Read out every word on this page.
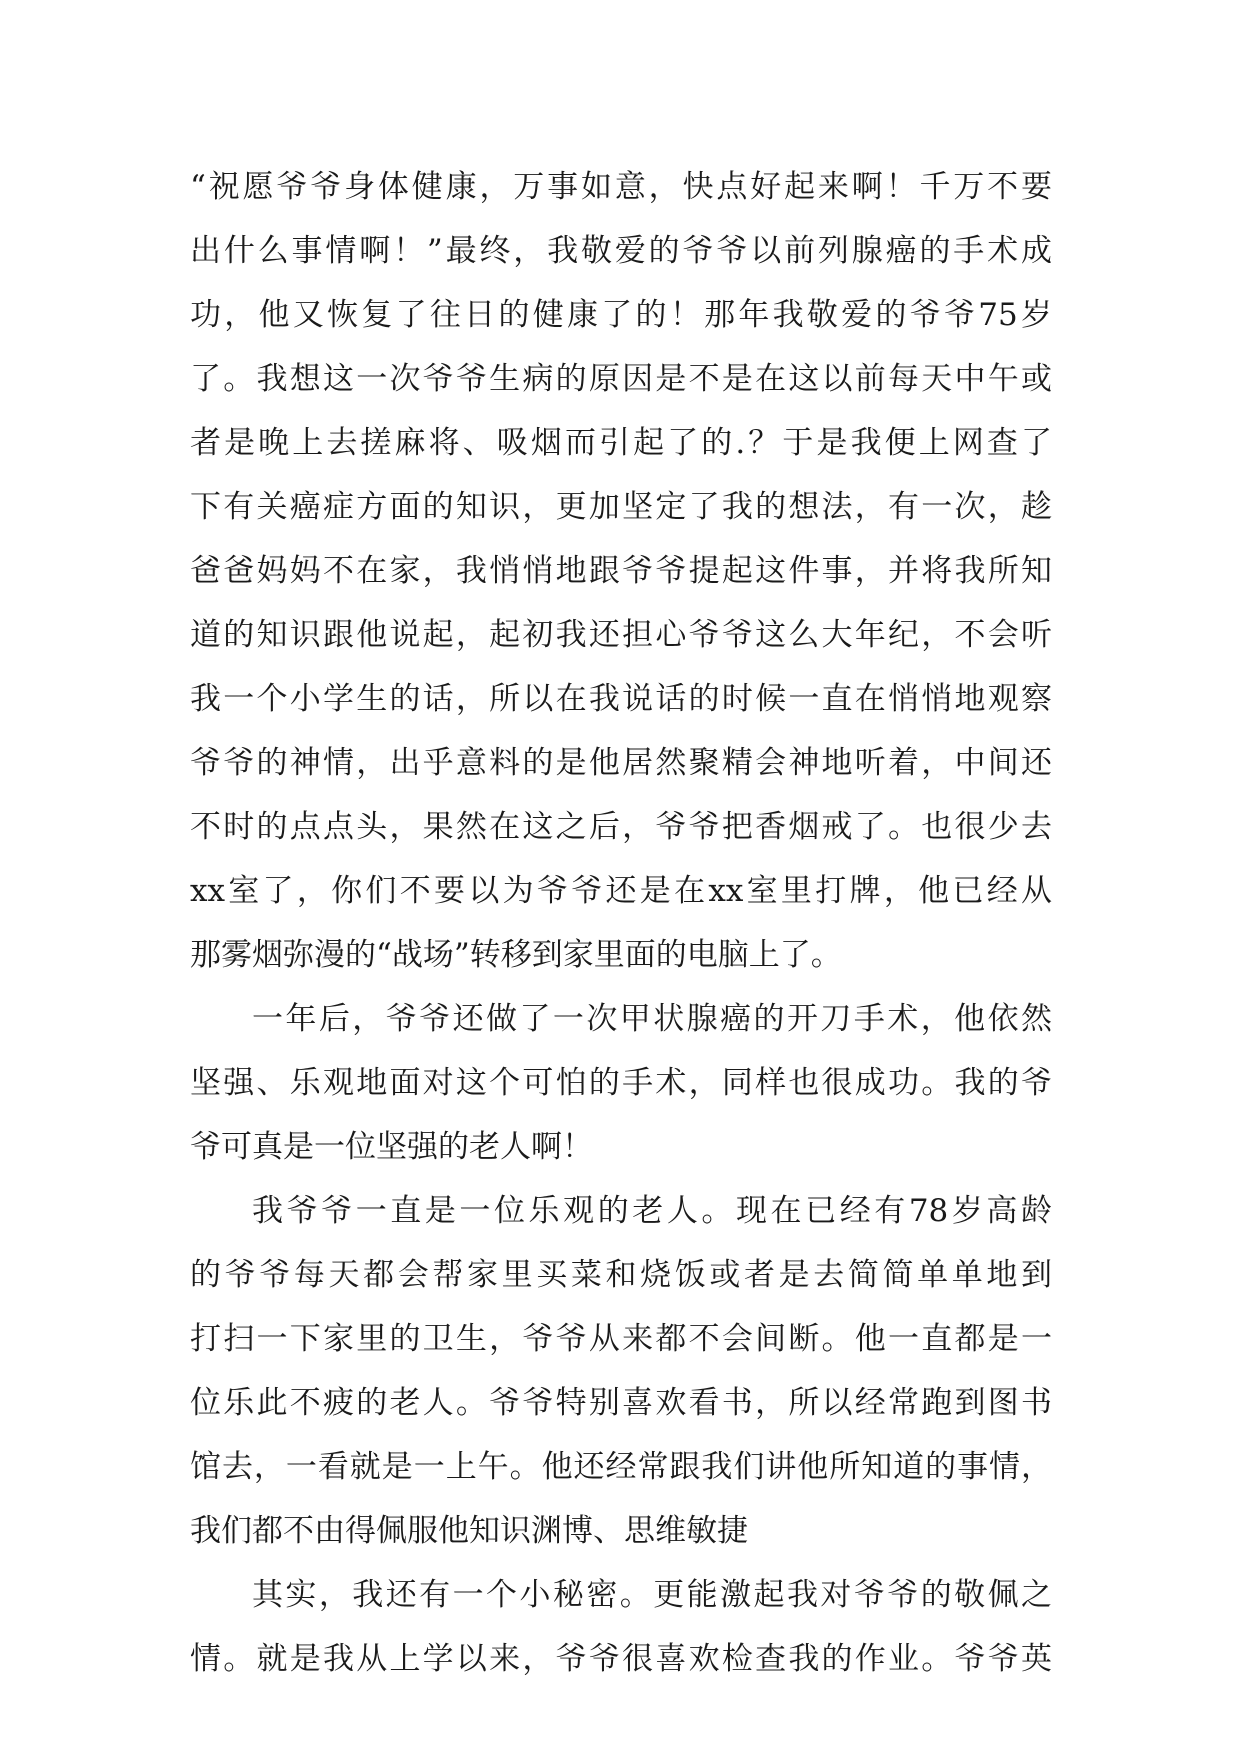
“祝愿爷爷身体健康，万事如意，快点好起来啊！千万不要
出什么事情啊！”最终，我敬爱的爷爷以前列腺癌的手术成
功，他又恢复了往日的健康了的！那年我敬爱的爷爷75岁
了。我想这一次爷爷生病的原因是不是在这以前每天中午或
者是晚上去搓麻将、吸烟而引起了的.？于是我便上网查了
下有关癌症方面的知识，更加坚定了我的想法，有一次，趁
爸爸妈妈不在家，我悄悄地跟爷爷提起这件事，并将我所知
道的知识跟他说起，起初我还担心爷爷这么大年纪，不会听
我一个小学生的话，所以在我说话的时候一直在悄悄地观察
爷爷的神情，出乎意料的是他居然聚精会神地听着，中间还
不时的点点头，果然在这之后，爷爷把香烟戒了。也很少去
xx室了，你们不要以为爷爷还是在xx室里打牌，他已经从
那雾烟弥漫的“战场”转移到家里面的电脑上了。
一年后，爷爷还做了一次甲状腺癌的开刀手术，他依然
坚强、乐观地面对这个可怕的手术，同样也很成功。我的爷
爷可真是一位坚强的老人啊！
我爷爷一直是一位乐观的老人。现在已经有78岁高龄
的爷爷每天都会帮家里买菜和烧饭或者是去简简单单地到
打扫一下家里的卫生，爷爷从来都不会间断。他一直都是一
位乐此不疲的老人。爷爷特别喜欢看书，所以经常跑到图书
馆去，一看就是一上午。他还经常跟我们讲他所知道的事情，
我们都不由得佩服他知识渊博、思维敏捷
其实，我还有一个小秘密。更能激起我对爷爷的敬佩之
情。就是我从上学以来，爷爷很喜欢检查我的作业。爷爷英
